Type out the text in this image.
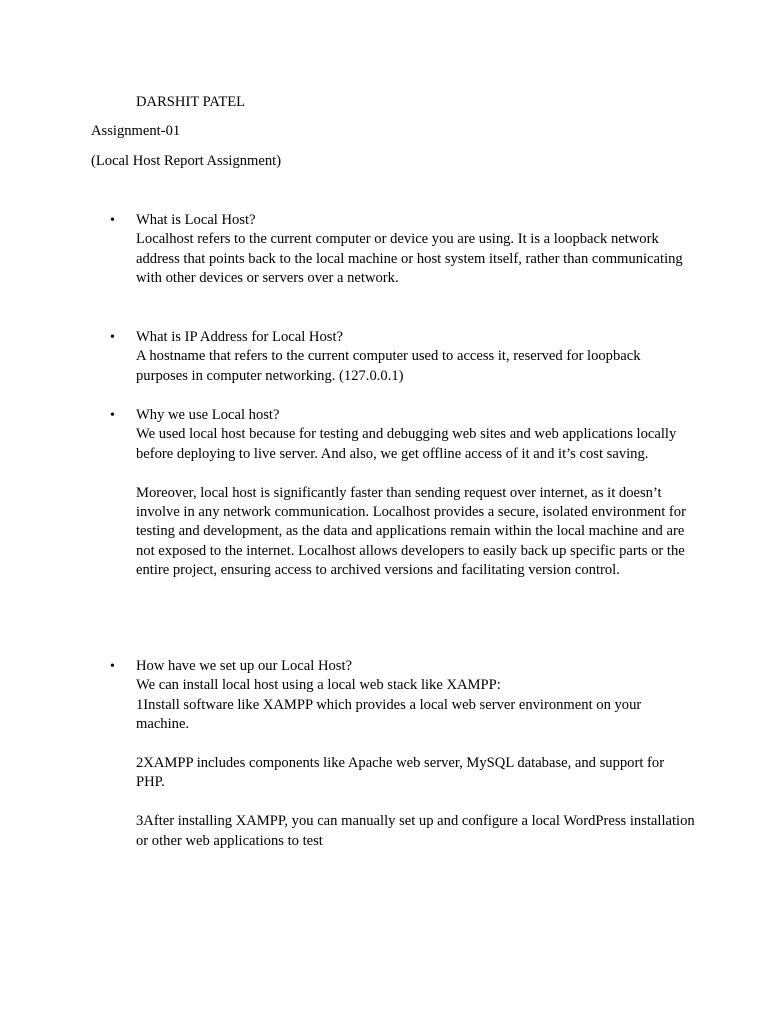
DARSHIT PATEL
Assignment-01
(Local Host Report Assignment)
• What is Local Host?

Localhost refers to the current computer or device you are using. It is a loopback network address that points back to the local machine or host system itself, rather than communicating with other devices or servers over a network.

• What is IP Address for Local Host?

A hostname that refers to the current computer used to access it, reserved for loopback purposes in computer networking. (127.0.0.1)

• Why we use Local host?

We used local host because for testing and debugging web sites and web applications locally before deploying to live server. And also, we get offline access of it and it’s cost saving.

Moreover, local host is significantly faster than sending request over internet, as it doesn’t involve in any network communication. Localhost provides a secure, isolated environment for testing and development, as the data and applications remain within the local machine and are not exposed to the internet. Localhost allows developers to easily back up specific parts or the entire project, ensuring access to archived versions and facilitating version control.

• How have we set up our Local Host?

We can install local host using a local web stack like XAMPP:

1Install software like XAMPP which provides a local web server environment on your machine.

2XAMPP includes components like Apache web server, MySQL database, and support for PHP.

3After installing XAMPP, you can manually set up and configure a local WordPress installation or other web applications to test
